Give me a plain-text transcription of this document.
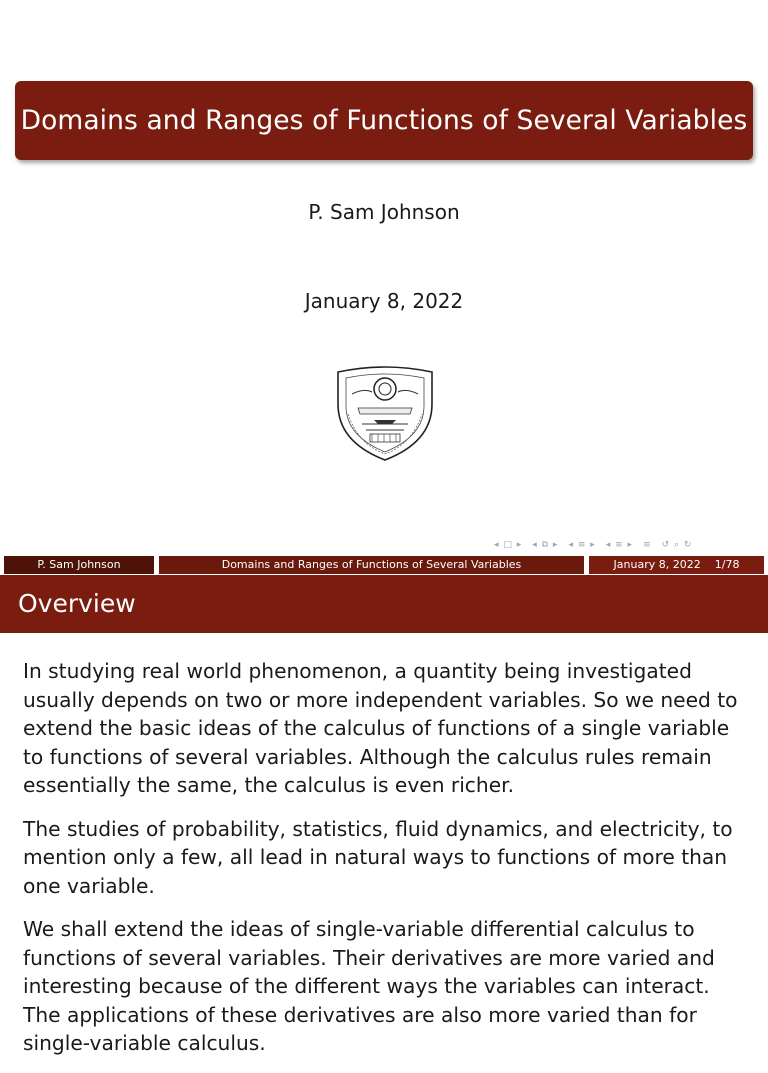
Domains and Ranges of Functions of Several Variables
P. Sam Johnson
January 8, 2022
◂ □ ▸ ◂ ⧉ ▸ ◂ ≡ ▸ ◂ ≡ ▸ ≡ ↺ ⌕ ↻
P. Sam Johnson	Domains and Ranges of Functions of Several Variables	January 8, 2022 1/78
Overview

In studying real world phenomenon, a quantity being investigated usually depends on two or more independent variables. So we need to extend the basic ideas of the calculus of functions of a single variable to functions of several variables. Although the calculus rules remain essentially the same, the calculus is even richer.

The studies of probability, statistics, fluid dynamics, and electricity, to mention only a few, all lead in natural ways to functions of more than one variable.

We shall extend the ideas of single-variable differential calculus to functions of several variables. Their derivatives are more varied and interesting because of the different ways the variables can interact. The applications of these derivatives are also more varied than for single-variable calculus.
